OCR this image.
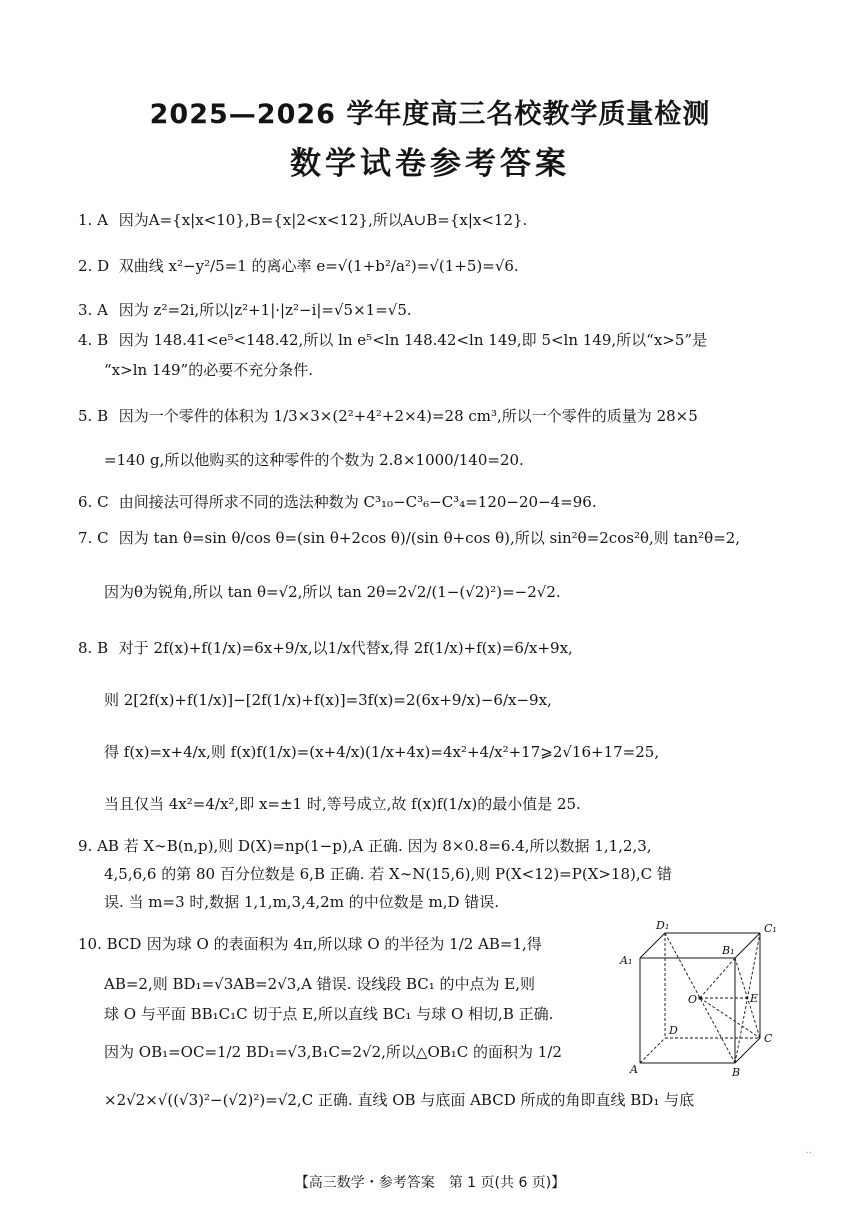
2025—2026 学年度高三名校教学质量检测
数学试卷参考答案
1. A 因为A={x|x<10},B={x|2<x<12},所以A∪B={x|x<12}.
2. D 双曲线 x²−y²/5=1 的离心率 e=√(1+b²/a²)=√(1+5)=√6.
3. A 因为 z²=2i,所以|z²+1|·|z²−i|=√5×1=√5.
4. B 因为 148.41<e⁵<148.42,所以 ln e⁵<ln 148.42<ln 149,即 5<ln 149,所以“x>5”是
“x>ln 149”的必要不充分条件.
5. B 因为一个零件的体积为 1/3×3×(2²+4²+2×4)=28 cm³,所以一个零件的质量为 28×5
=140 g,所以他购买的这种零件的个数为 2.8×1000/140=20.
6. C 由间接法可得所求不同的选法种数为 C³₁₀−C³₆−C³₄=120−20−4=96.
7. C 因为 tan θ=sin θ/cos θ=(sin θ+2cos θ)/(sin θ+cos θ),所以 sin²θ=2cos²θ,则 tan²θ=2,
因为θ为锐角,所以 tan θ=√2,所以 tan 2θ=2√2/(1−(√2)²)=−2√2.
8. B 对于 2f(x)+f(1/x)=6x+9/x,以1/x代替x,得 2f(1/x)+f(x)=6/x+9x,
则 2[2f(x)+f(1/x)]−[2f(1/x)+f(x)]=3f(x)=2(6x+9/x)−6/x−9x,
得 f(x)=x+4/x,则 f(x)f(1/x)=(x+4/x)(1/x+4x)=4x²+4/x²+17⩾2√16+17=25,
当且仅当 4x²=4/x²,即 x=±1 时,等号成立,故 f(x)f(1/x)的最小值是 25.
9. AB 若 X∼B(n,p),则 D(X)=np(1−p),A 正确. 因为 8×0.8=6.4,所以数据 1,1,2,3,
4,5,6,6 的第 80 百分位数是 6,B 正确. 若 X∼N(15,6),则 P(X<12)=P(X>18),C 错
误. 当 m=3 时,数据 1,1,m,3,4,2m 的中位数是 m,D 错误.
10. BCD 因为球 O 的表面积为 4π,所以球 O 的半径为 1/2 AB=1,得
AB=2,则 BD₁=√3AB=2√3,A 错误. 设线段 BC₁ 的中点为 E,则
球 O 与平面 BB₁C₁C 切于点 E,所以直线 BC₁ 与球 O 相切,B 正确.
因为 OB₁=OC=1/2 BD₁=√3,B₁C=2√2,所以△OB₁C 的面积为 1/2
×2√2×√((√3)²−(√2)²)=√2,C 正确. 直线 OB 与底面 ABCD 所成的角即直线 BD₁ 与底
D₁	C₁
A₁
B₁
O	E
D
C
A	B
··
【高三数学・参考答案　第 1 页(共 6 页)】
